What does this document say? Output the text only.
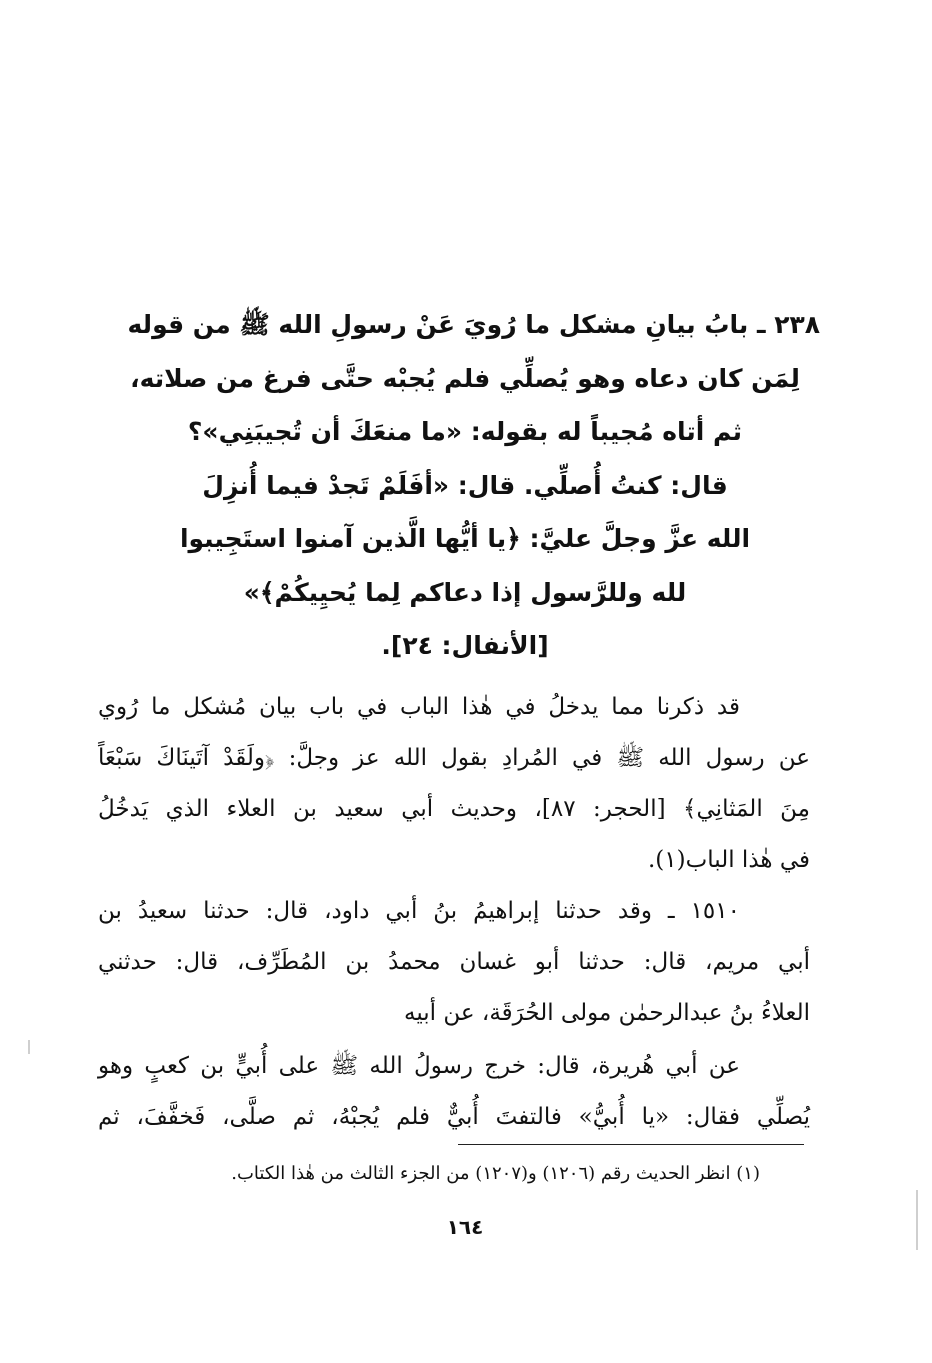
٢٣٨ ـ بابُ بيانِ مشكل ما رُويَ عَنْ رسولِ الله ﷺ من قوله
لِمَن كان دعاه وهو يُصلِّي فلم يُجبْه حتَّى فرغ من صلاته،
ثم أتاه مُجيباً له بقوله: «ما منعَكَ أن تُجيبَنِي»؟
قال: كنتُ أُصلِّي. قال: «أفَلَمْ تَجدْ فيما أُنزِلَ
الله عزَّ وجلَّ عليَّ: ﴿يا أيُّها الَّذين آمنوا استَجِيبوا
لله وللرَّسول إذا دعاكم لِما يُحيِيكُمْ﴾»
[الأنفال: ٢٤].
قد ذكرنا مما يدخلُ في هٰذا الباب في باب بيان مُشكل ما رُوي
عن رسول الله ﷺ في المُرادِ بقول الله عز وجلَّ: ﴿ولَقَدْ آتَينَاكَ سَبْعَاً
مِنَ المَثانِي﴾ [الحجر: ٨٧]، وحديث أبي سعيد بن العلاء الذي يَدخُلُ
في هٰذا الباب(١).
١٥١٠ ـ وقد حدثنا إبراهيمُ بنُ أبي داود، قال: حدثنا سعيدُ بن
أبي مريم، قال: حدثنا أبو غسان محمدُ بن المُطَرِّف، قال: حدثني
العلاءُ بنُ عبدالرحمٰن مولى الحُرَقَة، عن أبيه
عن أبي هُريرة، قال: خرج رسولُ الله ﷺ على أُبيٍّ بن كعبٍ وهو
يُصلِّي فقال: «يا أُبيُّ» فالتفتَ أُبيٌّ فلم يُجبْهُ، ثم صلَّى، فَخفَّفَ، ثم
(١) انظر الحديث رقم (١٢٠٦) و(١٢٠٧) من الجزء الثالث من هٰذا الكتاب.
١٦٤
